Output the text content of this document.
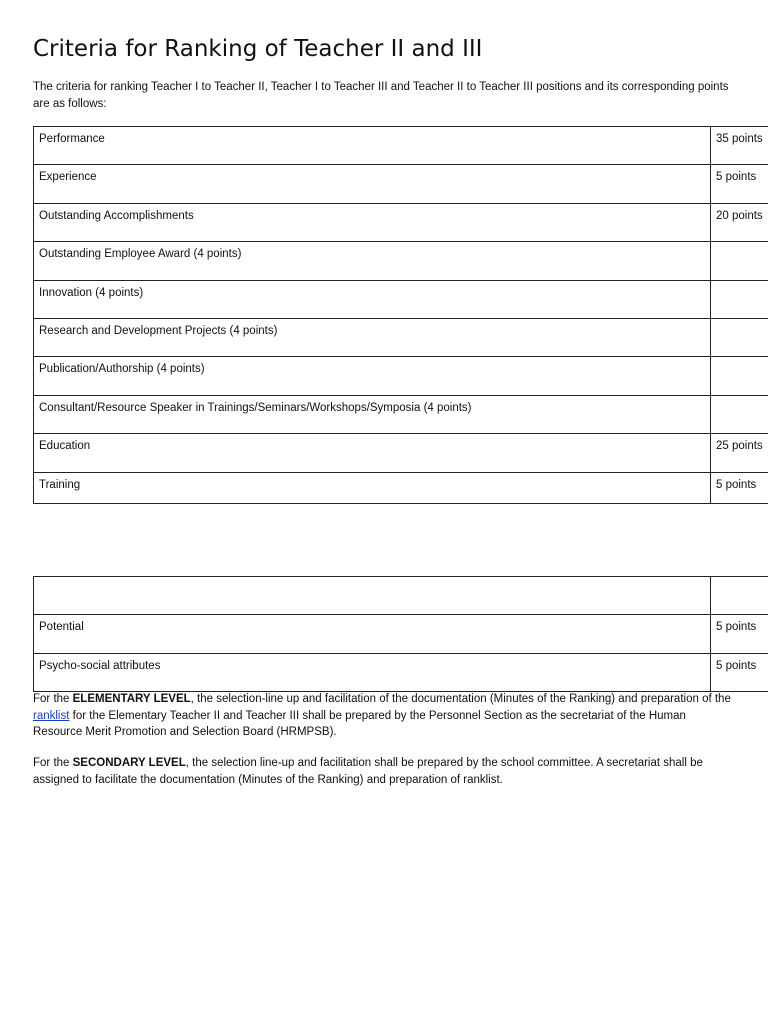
Criteria for Ranking of Teacher II and III

The criteria for ranking Teacher I to Teacher II, Teacher I to Teacher III and Teacher II to Teacher III positions and its corresponding points are as follows:

Performance	35 points
Experience	5 points
Outstanding Accomplishments	20 points
Outstanding Employee Award (4 points)	
Innovation (4 points)	
Research and Development Projects (4 points)	
Publication/Authorship (4 points)	
Consultant/Resource Speaker in Trainings/Seminars/Workshops/Symposia (4 points)	
Education	25 points
Training	5 points

Potential	5 points
Psycho-social attributes	5 points

For the ELEMENTARY LEVEL, the selection-line up and facilitation of the documentation (Minutes of the Ranking) and preparation of the ranklist for the Elementary Teacher II and Teacher III shall be prepared by the Personnel Section as the secretariat of the Human Resource Merit Promotion and Selection Board (HRMPSB).

For the SECONDARY LEVEL, the selection line-up and facilitation shall be prepared by the school committee. A secretariat shall be assigned to facilitate the documentation (Minutes of the Ranking) and preparation of ranklist.
